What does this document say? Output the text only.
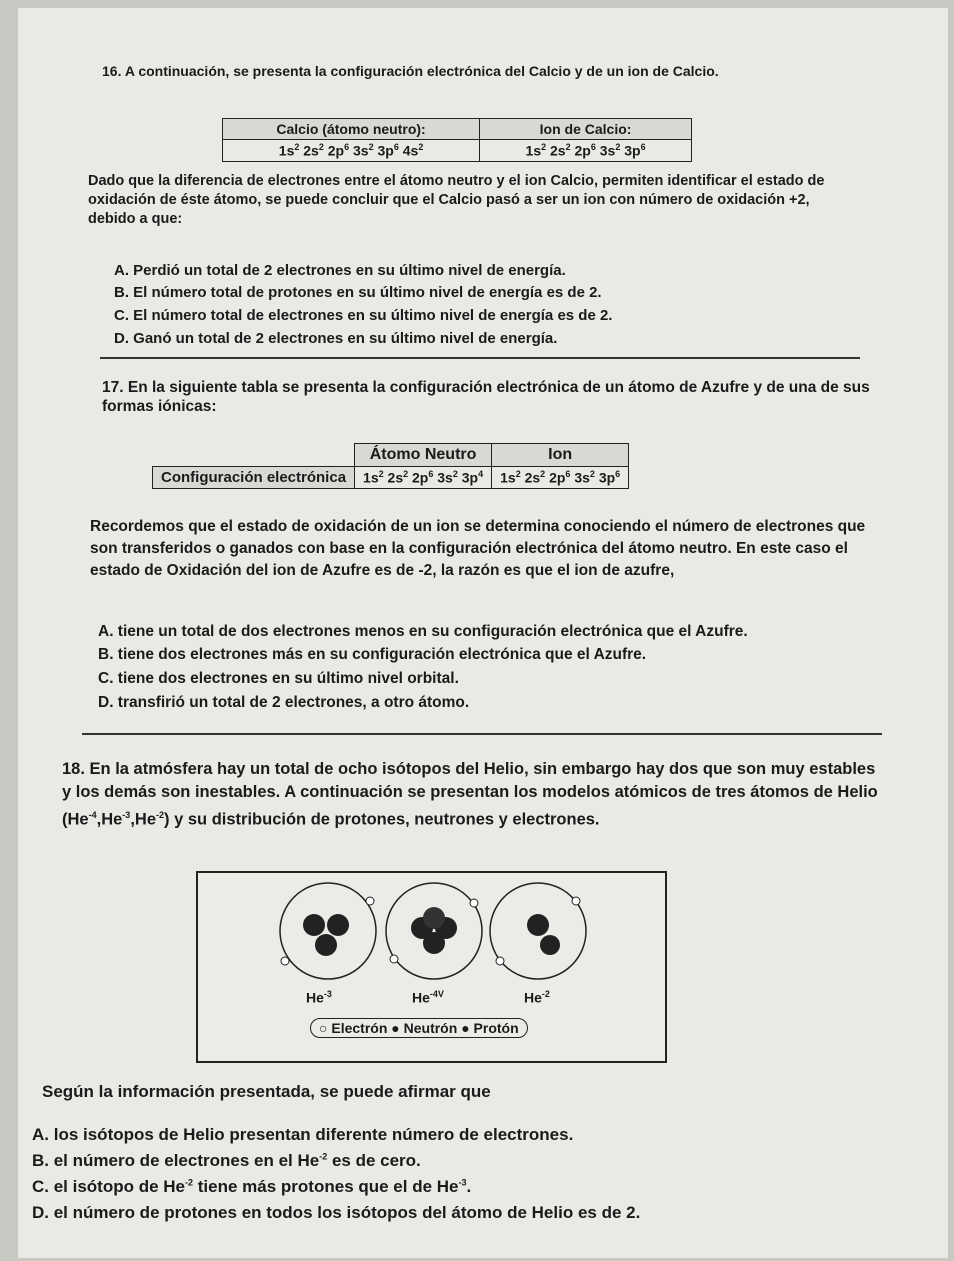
16. A continuación, se presenta la configuración electrónica del Calcio y de un ion de Calcio.
Calcio (átomo neutro):	Ion de Calcio:
$1s^2$ $2s^2$ $2p^6$ $3s^2$ $3p^6$ $4s^2$	$1s^2$ $2s^2$ $2p^6$ $3s^2$ $3p^6$
Dado que la diferencia de electrones entre el átomo neutro y el ion Calcio, permiten identificar el estado de oxidación de éste átomo, se puede concluir que el Calcio pasó a ser un ion con número de oxidación +2, debido a que:
A. Perdió un total de 2 electrones en su último nivel de energía.
B. El número total de protones en su último nivel de energía es de 2.
C. El número total de electrones en su último nivel de energía es de 2.
D. Ganó un total de 2 electrones en su último nivel de energía.
17. En la siguiente tabla se presenta la configuración electrónica de un átomo de Azufre y de una de sus formas iónicas:
	Átomo Neutro	Ion
Configuración electrónica	$1s^2$ $2s^2$ $2p^6$ $3s^2$ $3p^4$	$1s^2$ $2s^2$ $2p^6$ $3s^2$ $3p^6$
Recordemos que el estado de oxidación de un ion se determina conociendo el número de electrones que son transferidos o ganados con base en la configuración electrónica del átomo neutro. En este caso el estado de Oxidación del ion de Azufre es de -2, la razón es que el ion de azufre,
A. tiene un total de dos electrones menos en su configuración electrónica que el Azufre.
B. tiene dos electrones más en su configuración electrónica que el Azufre.
C. tiene dos electrones en su último nivel orbital.
D. transfirió un total de 2 electrones, a otro átomo.
18. En la atmósfera hay un total de ocho isótopos del Helio, sin embargo hay dos que son muy estables y los demás son inestables. A continuación se presentan los modelos atómicos de tres átomos de Helio $(He^{-4},He^{-3},He^{-2})$ y su distribución de protones, neutrones y electrones.
$He^{-3}$	$He^{-4V}$	$He^{-2}$
○ Electrón ● Neutrón ● Protón
Según la información presentada, se puede afirmar que
A. los isótopos de Helio presentan diferente número de electrones.
B. el número de electrones en el $He^{-2}$ es de cero.
C. el isótopo de $He^{-2}$ tiene más protones que el de $He^{-3}$.
D. el número de protones en todos los isótopos del átomo de Helio es de 2.
